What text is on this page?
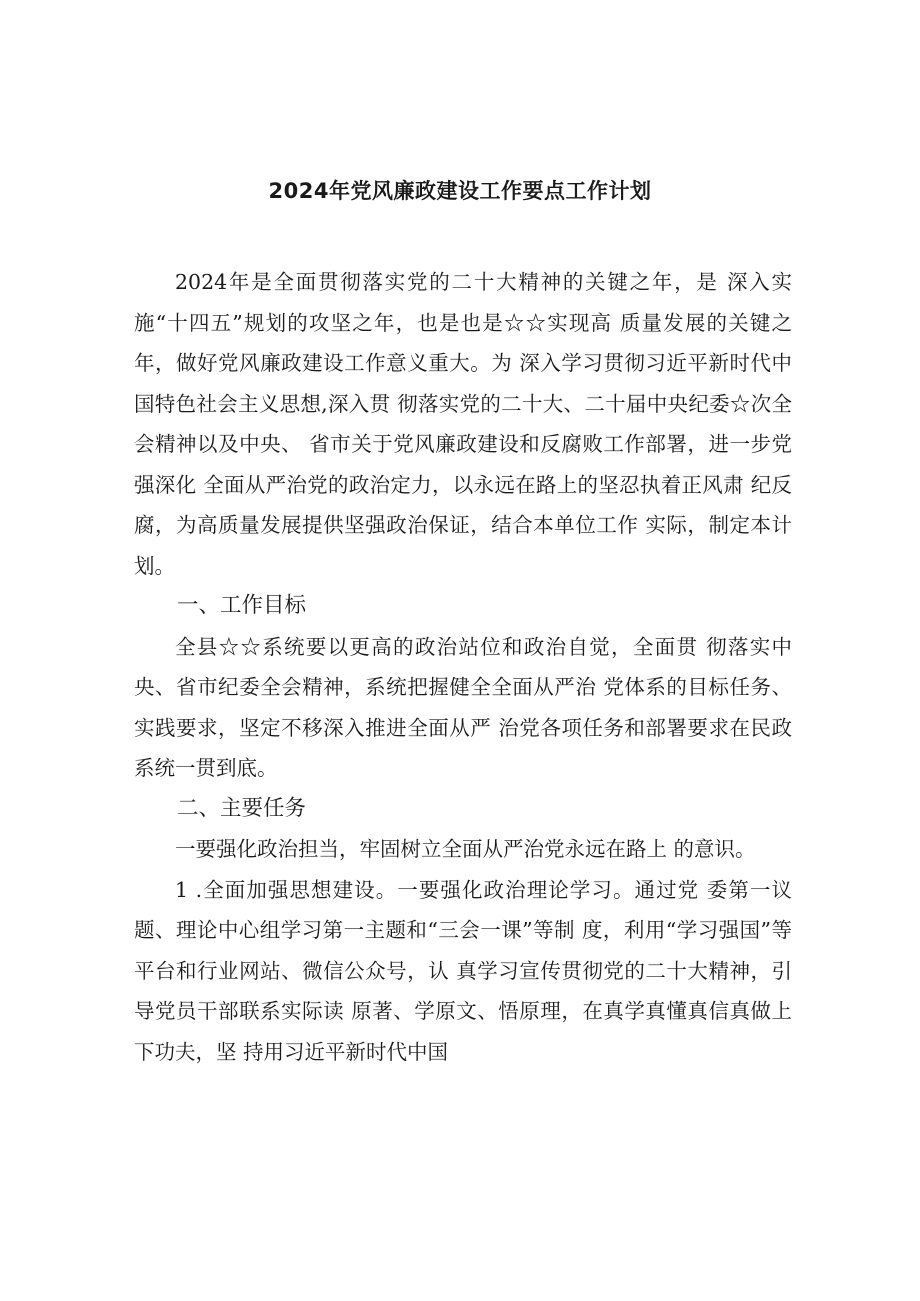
2024年党风廉政建设工作要点工作计划

2024年是全面贯彻落实党的二十大精神的关键之年，是 深入实施“十四五”规划的攻坚之年，也是也是☆☆实现高 质量发展的关键之年，做好党风廉政建设工作意义重大。为 深入学习贯彻习近平新时代中国特色社会主义思想,深入贯 彻落实党的二十大、二十届中央纪委☆次全会精神以及中央、 省市关于党风廉政建设和反腐败工作部署，进一步党强深化 全面从严治党的政治定力，以永远在路上的坚忍执着正风肃 纪反腐，为高质量发展提供坚强政治保证，结合本单位工作 实际，制定本计划。

一、工作目标

全县☆☆系统要以更高的政治站位和政治自觉，全面贯 彻落实中央、省市纪委全会精神，系统把握健全全面从严治 党体系的目标任务、实践要求，坚定不移深入推进全面从严 治党各项任务和部署要求在民政系统一贯到底。

二、主要任务

一要强化政治担当，牢固树立全面从严治党永远在路上 的意识。

1 .全面加强思想建设。一要强化政治理论学习。通过党 委第一议题、理论中心组学习第一主题和“三会一课”等制 度，利用“学习强国”等平台和行业网站、微信公众号，认 真学习宣传贯彻党的二十大精神，引导党员干部联系实际读 原著、学原文、悟原理，在真学真懂真信真做上下功夫，坚 持用习近平新时代中国
